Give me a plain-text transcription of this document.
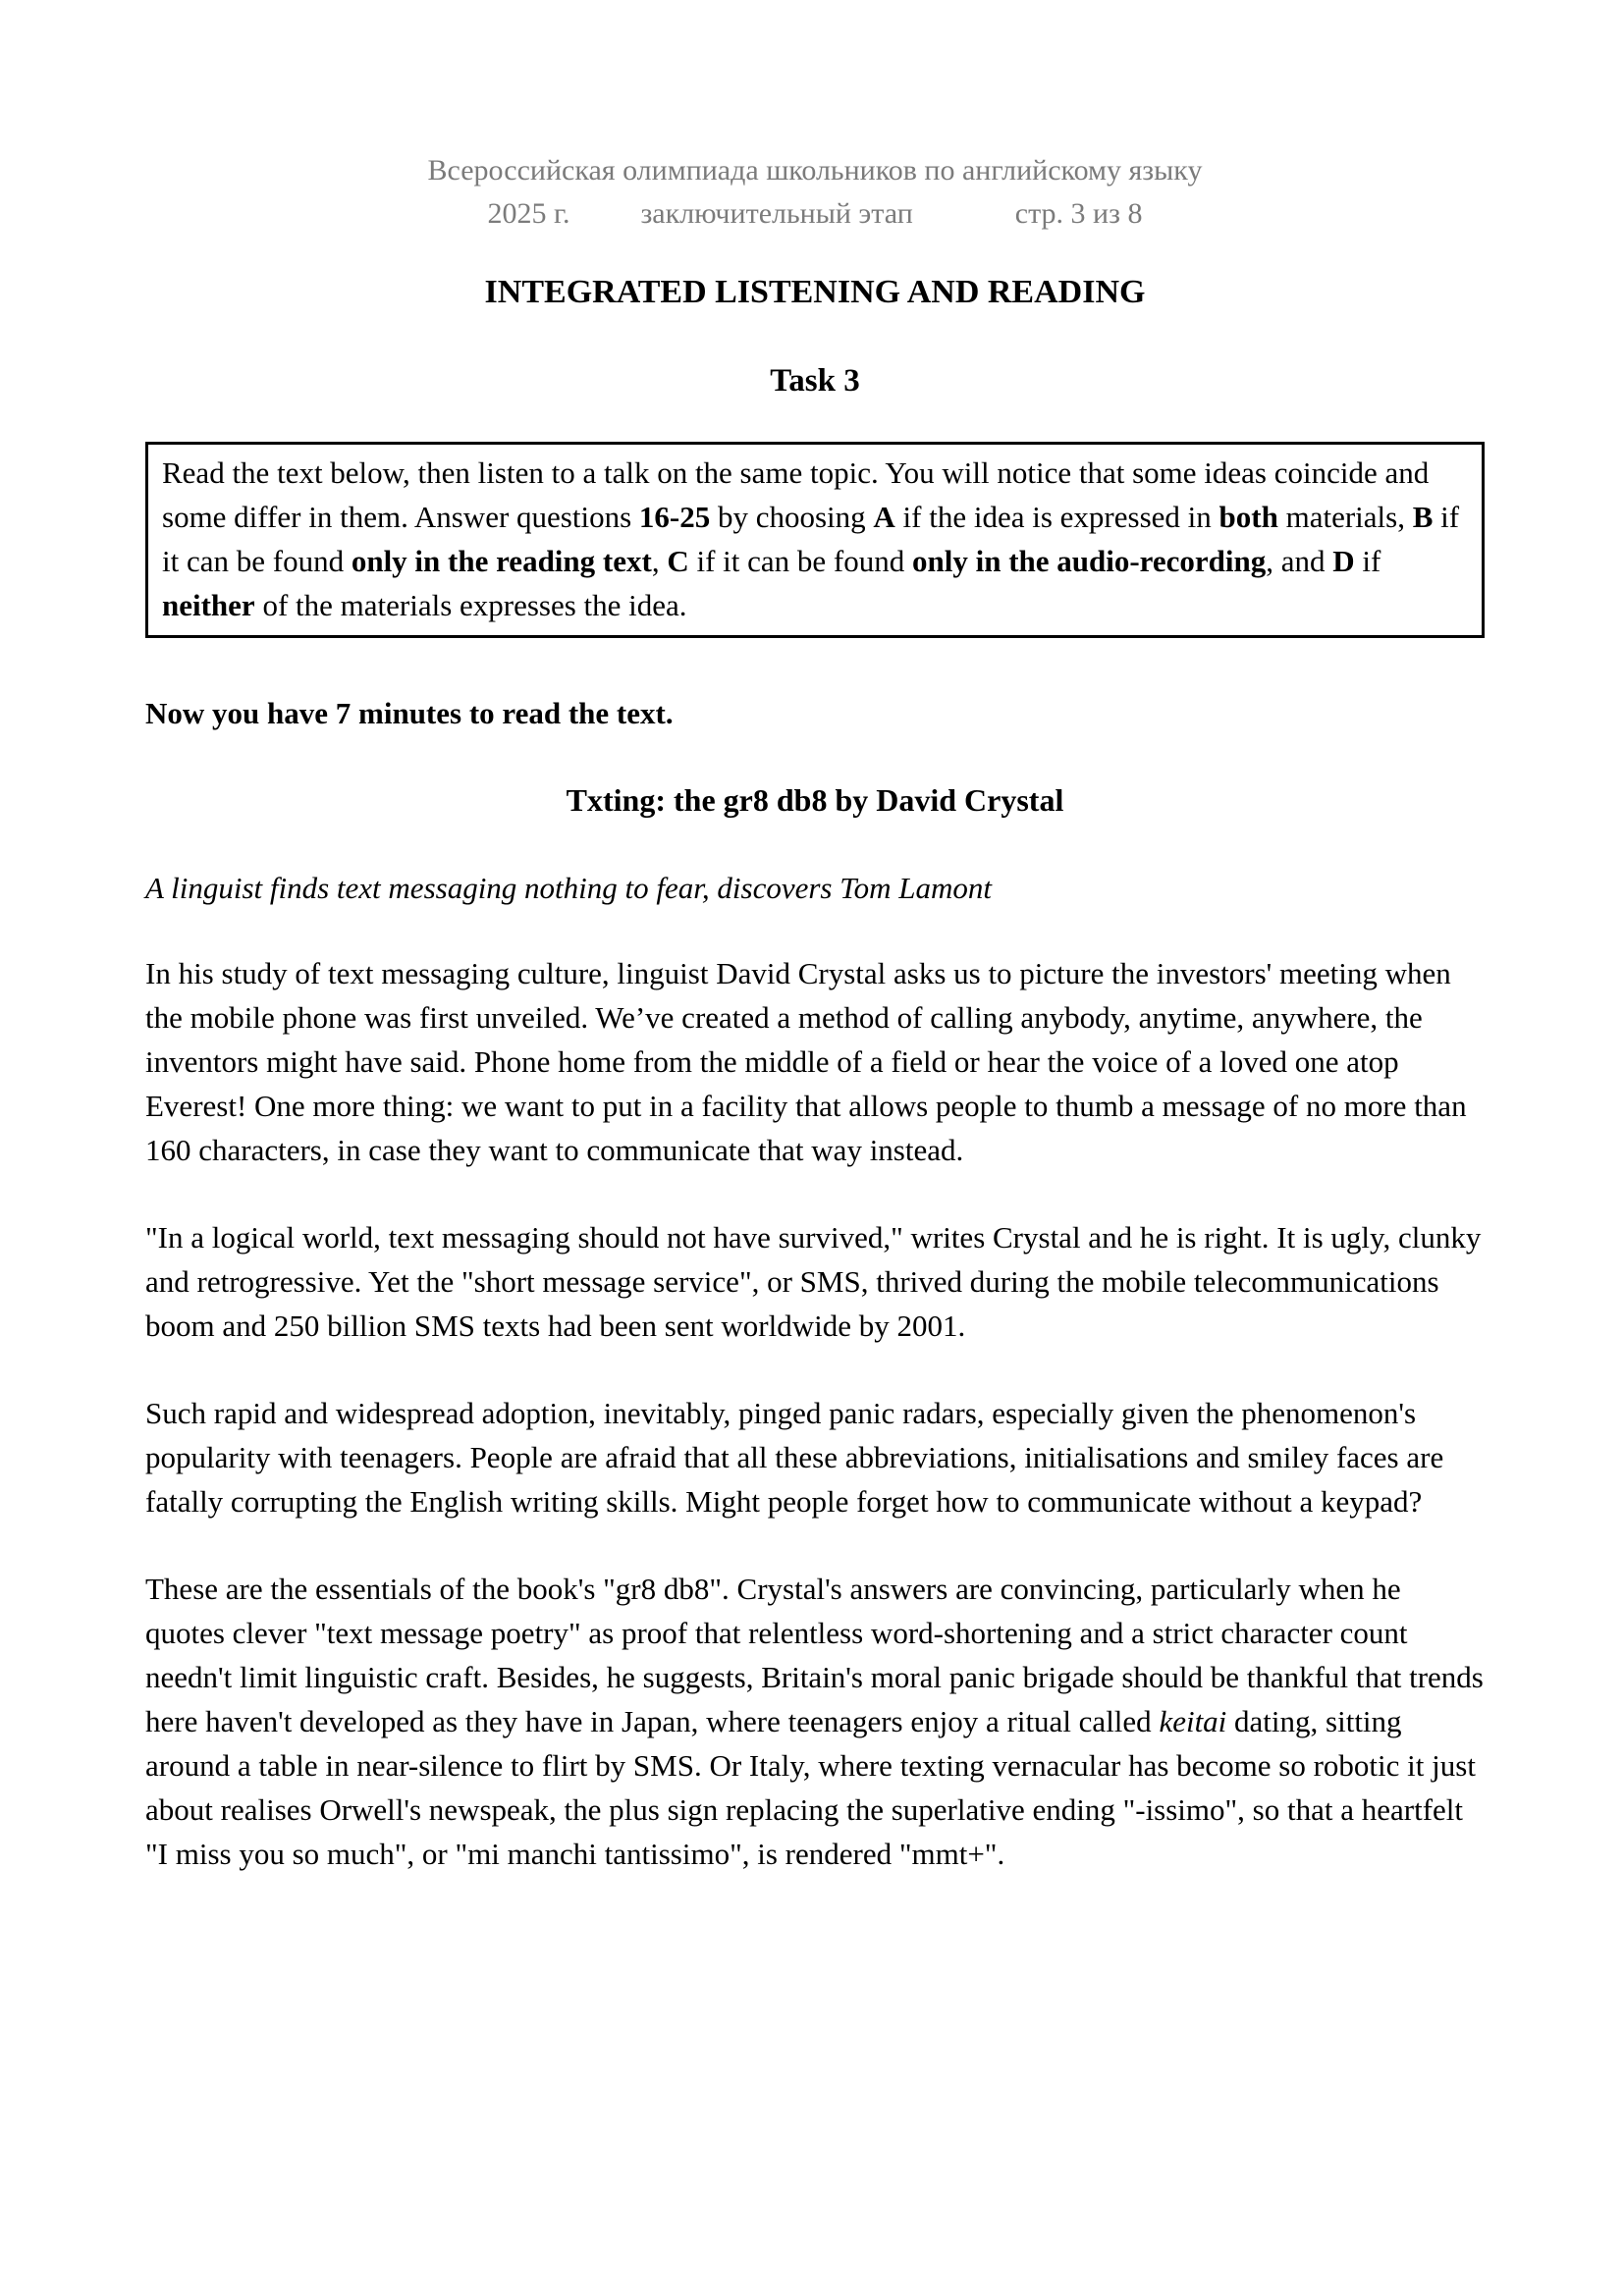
Всероссийская олимпиада школьников по английскому языку
2025 г. заключительный этап	стр. 3 из 8
INTEGRATED LISTENING AND READING
Task 3
Read the text below, then listen to a talk on the same topic. You will notice that some ideas coincide and some differ in them. Answer questions 16-25 by choosing A if the idea is expressed in both materials, B if it can be found only in the reading text, C if it can be found only in the audio-recording, and D if neither of the materials expresses the idea.

Now you have 7 minutes to read the text.

Txting: the gr8 db8 by David Crystal

A linguist finds text messaging nothing to fear, discovers Tom Lamont

In his study of text messaging culture, linguist David Crystal asks us to picture the investors' meeting when the mobile phone was first unveiled. We’ve created a method of calling anybody, anytime, anywhere, the inventors might have said. Phone home from the middle of a field or hear the voice of a loved one atop Everest! One more thing: we want to put in a facility that allows people to thumb a message of no more than 160 characters, in case they want to communicate that way instead.

"In a logical world, text messaging should not have survived," writes Crystal and he is right. It is ugly, clunky and retrogressive. Yet the "short message service", or SMS, thrived during the mobile telecommunications boom and 250 billion SMS texts had been sent worldwide by 2001.

Such rapid and widespread adoption, inevitably, pinged panic radars, especially given the phenomenon's popularity with teenagers. People are afraid that all these abbreviations, initialisations and smiley faces are fatally corrupting the English writing skills. Might people forget how to communicate without a keypad?

These are the essentials of the book's "gr8 db8". Crystal's answers are convincing, particularly when he quotes clever "text message poetry" as proof that relentless word-shortening and a strict character count needn't limit linguistic craft. Besides, he suggests, Britain's moral panic brigade should be thankful that trends here haven't developed as they have in Japan, where teenagers enjoy a ritual called keitai dating, sitting around a table in near-silence to flirt by SMS. Or Italy, where texting vernacular has become so robotic it just about realises Orwell's newspeak, the plus sign replacing the superlative ending "-issimo", so that a heartfelt "I miss you so much", or "mi manchi tantissimo", is rendered "mmt+".
